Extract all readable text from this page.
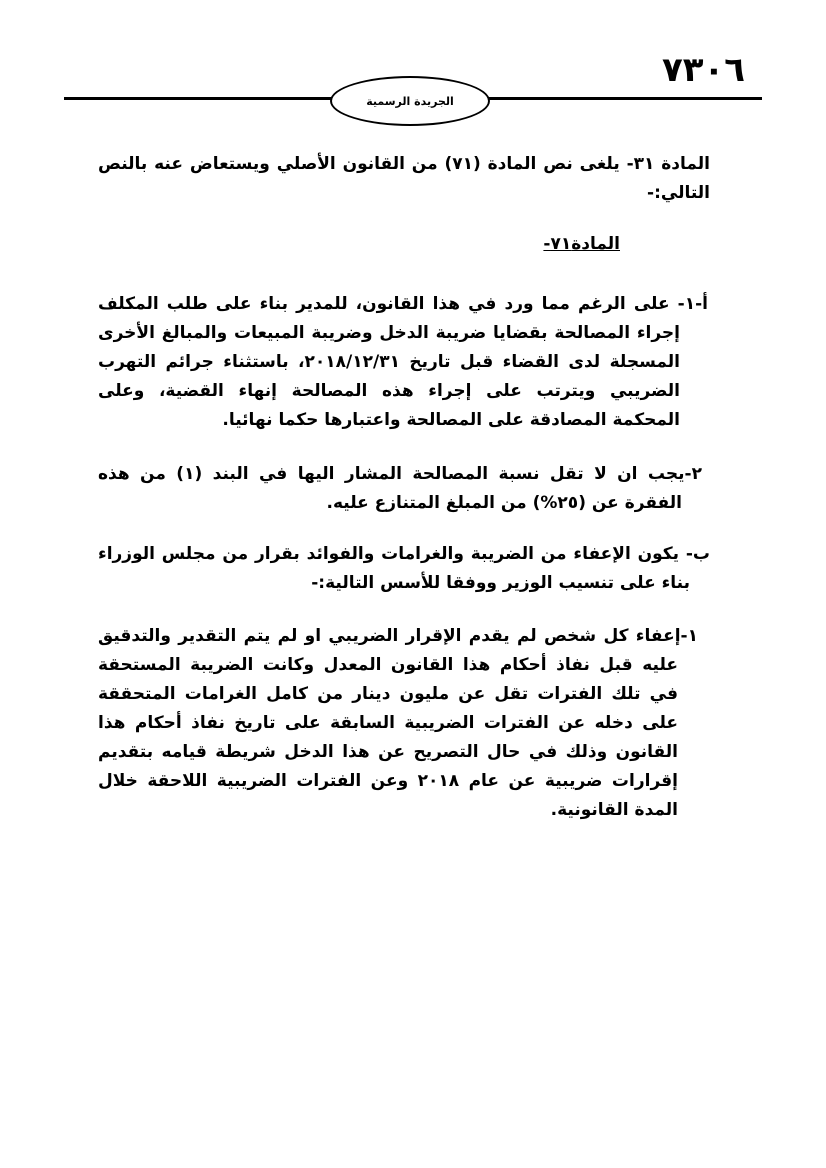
٧٣٠٦
الجريدة الرسمية

المادة ٣١- يلغى نص المادة (٧١) من القانون الأصلي ويستعاض عنه بالنص التالي:-

المادة٧١-

أ-١- على الرغم مما ورد في هذا القانون، للمدير بناء على طلب المكلف إجراء المصالحة بقضايا ضريبة الدخل وضريبة المبيعات والمبالغ الأخرى المسجلة لدى القضاء قبل تاريخ ٢٠١٨/١٢/٣١، باستثناء جرائم التهرب الضريبي ويترتب على إجراء هذه المصالحة إنهاء القضية، وعلى المحكمة المصادقة على المصالحة واعتبارها حكما نهائيا.

٢-يجب ان لا تقل نسبة المصالحة المشار اليها في البند (١) من هذه الفقرة عن (٢٥%) من المبلغ المتنازع عليه.

ب- يكون الإعفاء من الضريبة والغرامات والفوائد بقرار من مجلس الوزراء بناء على تنسيب الوزير ووفقا للأسس التالية:-

١-إعفاء كل شخص لم يقدم الإقرار الضريبي او لم يتم التقدير والتدقيق عليه قبل نفاذ أحكام هذا القانون المعدل وكانت الضريبة المستحقة في تلك الفترات تقل عن مليون دينار من كامل الغرامات المتحققة على دخله عن الفترات الضريبية السابقة على تاريخ نفاذ أحكام هذا القانون وذلك في حال التصريح عن هذا الدخل شريطة قيامه بتقديم إقرارات ضريبية عن عام ٢٠١٨ وعن الفترات الضريبية اللاحقة خلال المدة القانونية.
